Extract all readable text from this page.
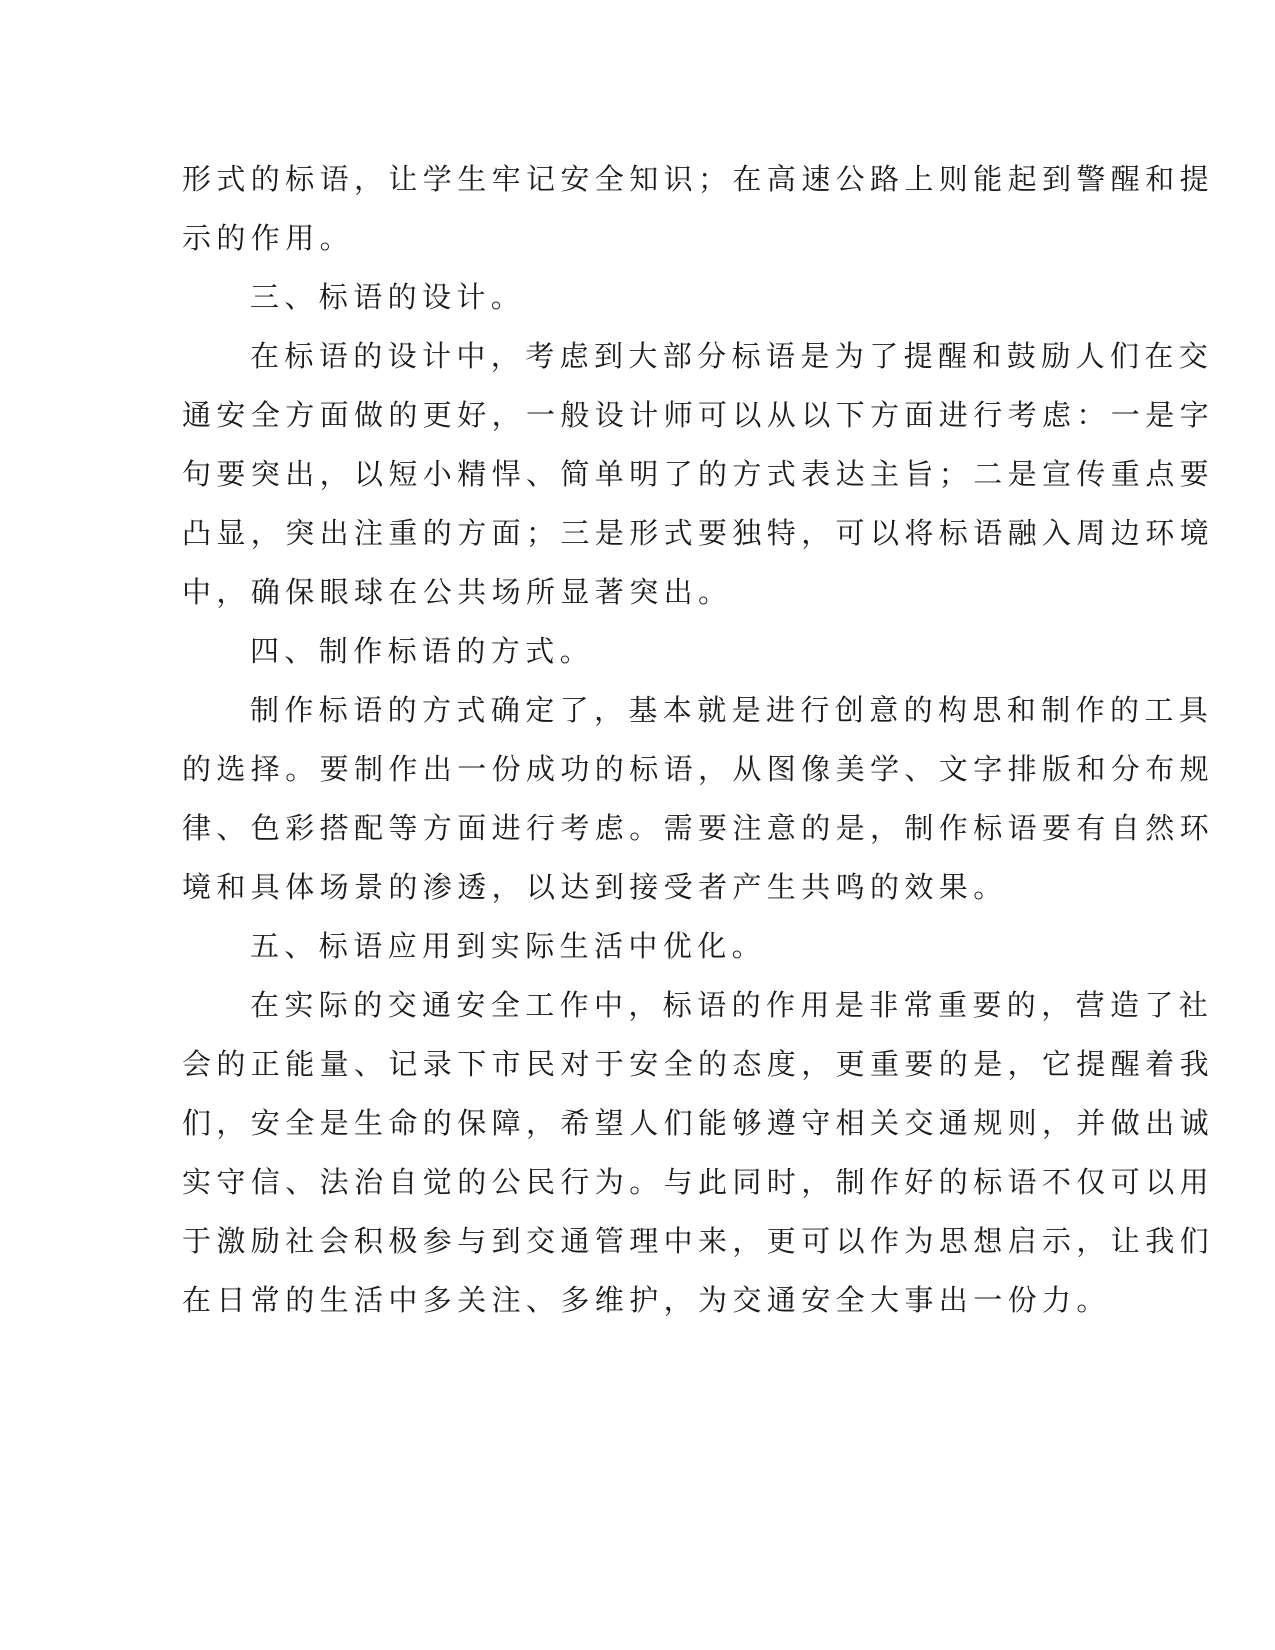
形式的标语，让学生牢记安全知识；在高速公路上则能起到警醒和提
示的作用。

三、标语的设计。

在标语的设计中，考虑到大部分标语是为了提醒和鼓励人们在交
通安全方面做的更好，一般设计师可以从以下方面进行考虑：一是字
句要突出，以短小精悍、简单明了的方式表达主旨；二是宣传重点要
凸显，突出注重的方面；三是形式要独特，可以将标语融入周边环境
中，确保眼球在公共场所显著突出。

四、制作标语的方式。

制作标语的方式确定了，基本就是进行创意的构思和制作的工具
的选择。要制作出一份成功的标语，从图像美学、文字排版和分布规
律、色彩搭配等方面进行考虑。需要注意的是，制作标语要有自然环
境和具体场景的渗透，以达到接受者产生共鸣的效果。

五、标语应用到实际生活中优化。

在实际的交通安全工作中，标语的作用是非常重要的，营造了社
会的正能量、记录下市民对于安全的态度，更重要的是，它提醒着我
们，安全是生命的保障，希望人们能够遵守相关交通规则，并做出诚
实守信、法治自觉的公民行为。与此同时，制作好的标语不仅可以用
于激励社会积极参与到交通管理中来，更可以作为思想启示，让我们
在日常的生活中多关注、多维护，为交通安全大事出一份力。
